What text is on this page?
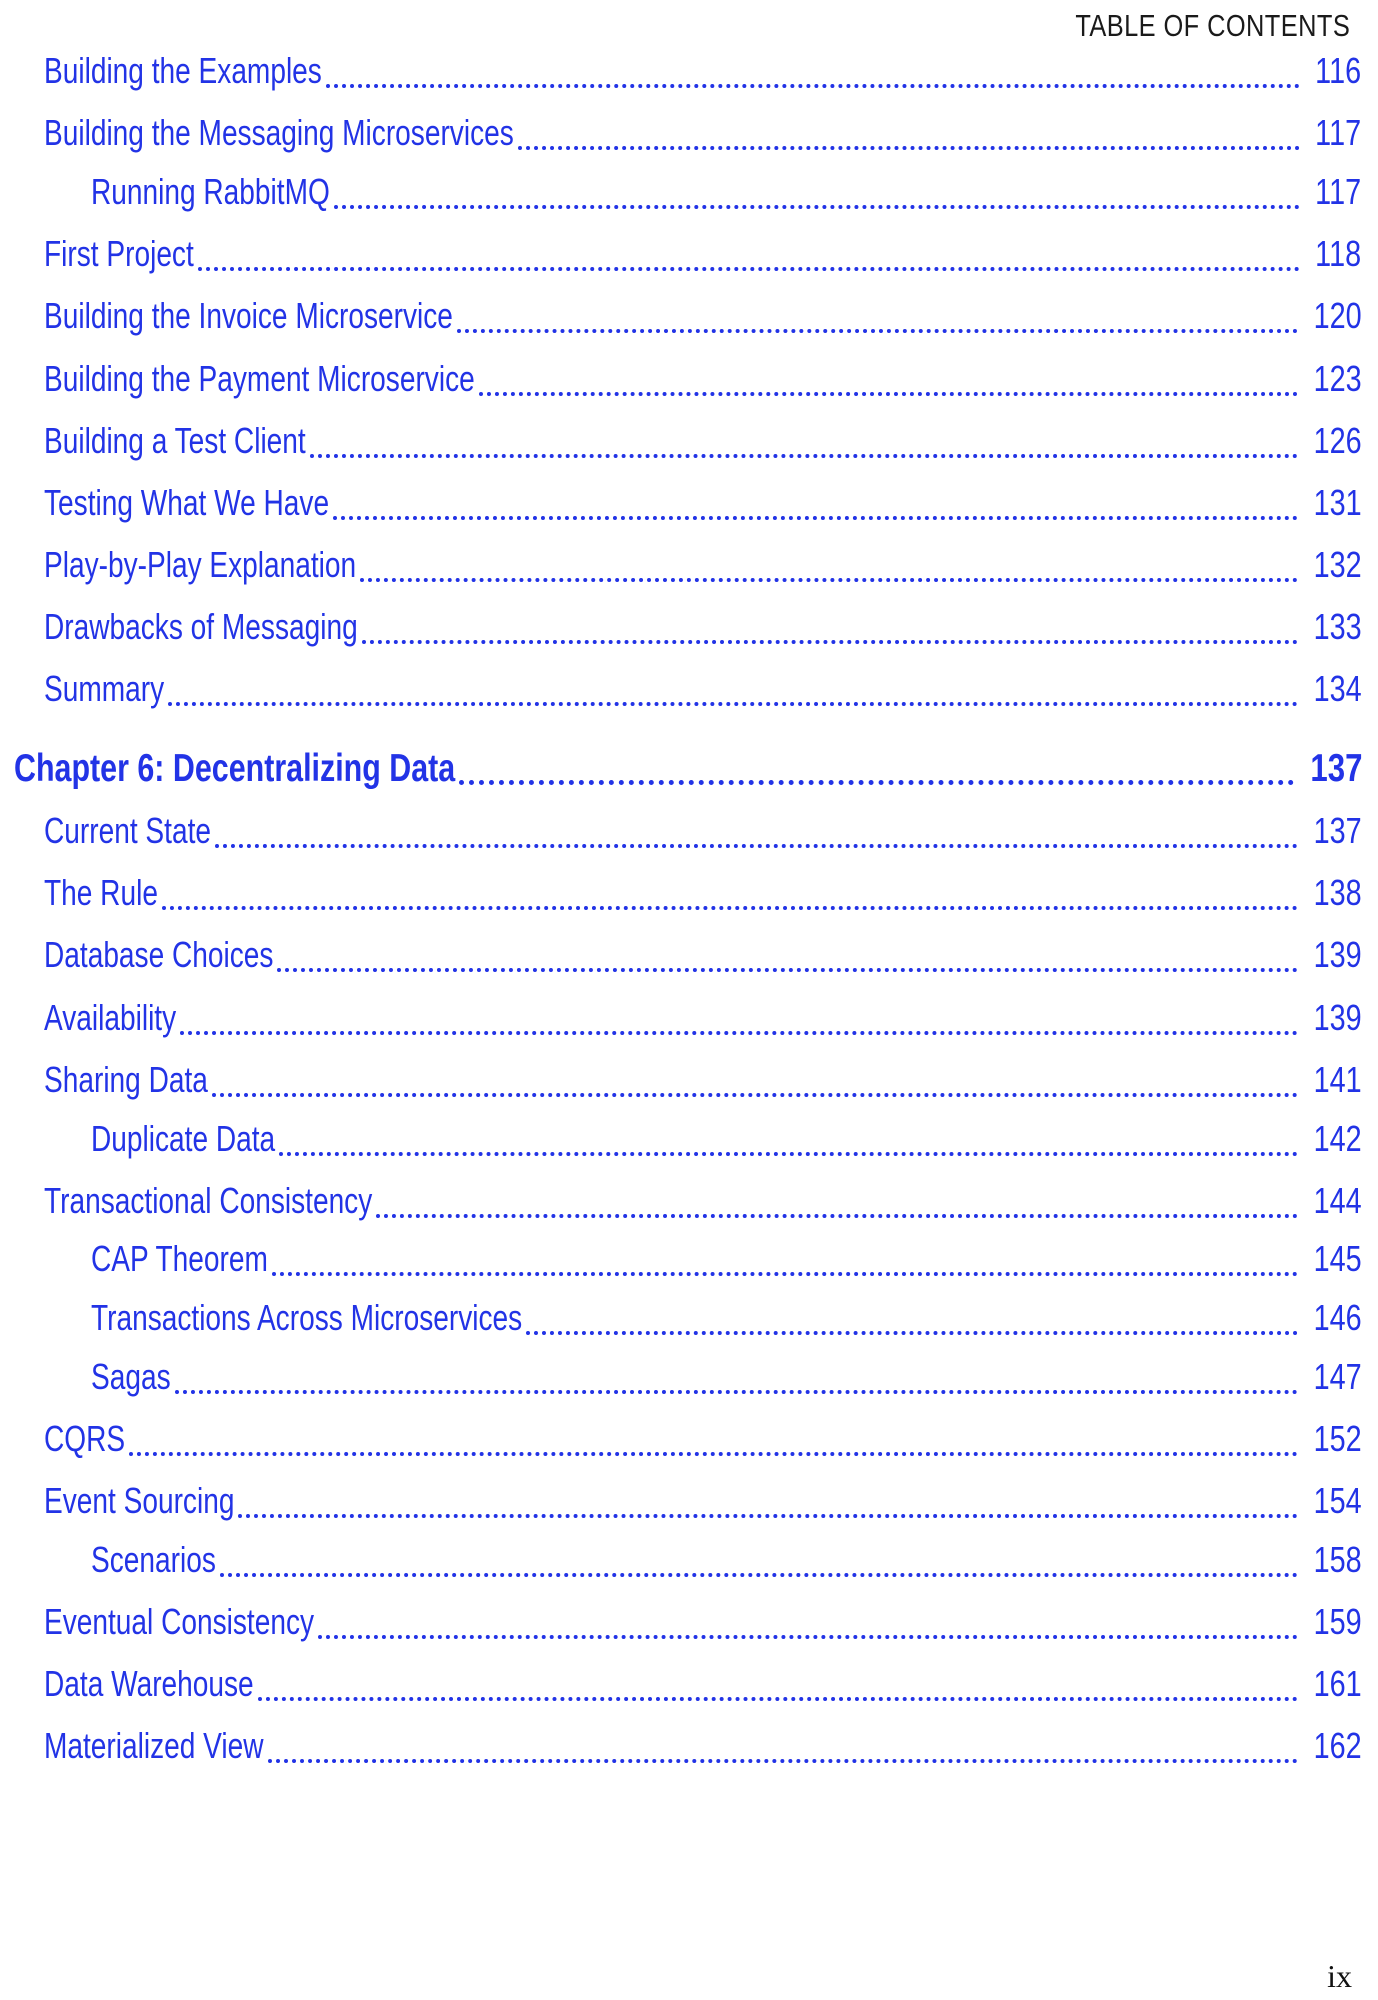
TABLE OF CONTENTS
Building the Examples	116
Building the Messaging Microservices	117
Running RabbitMQ	117
First Project	118
Building the Invoice Microservice	120
Building the Payment Microservice	123
Building a Test Client	126
Testing What We Have	131
Play-by-Play Explanation	132
Drawbacks of Messaging	133
Summary	134
Chapter 6: Decentralizing Data	137
Current State	137
The Rule	138
Database Choices	139
Availability	139
Sharing Data	141
Duplicate Data	142
Transactional Consistency	144
CAP Theorem	145
Transactions Across Microservices	146
Sagas	147
CQRS	152
Event Sourcing	154
Scenarios	158
Eventual Consistency	159
Data Warehouse	161
Materialized View	162
ix
